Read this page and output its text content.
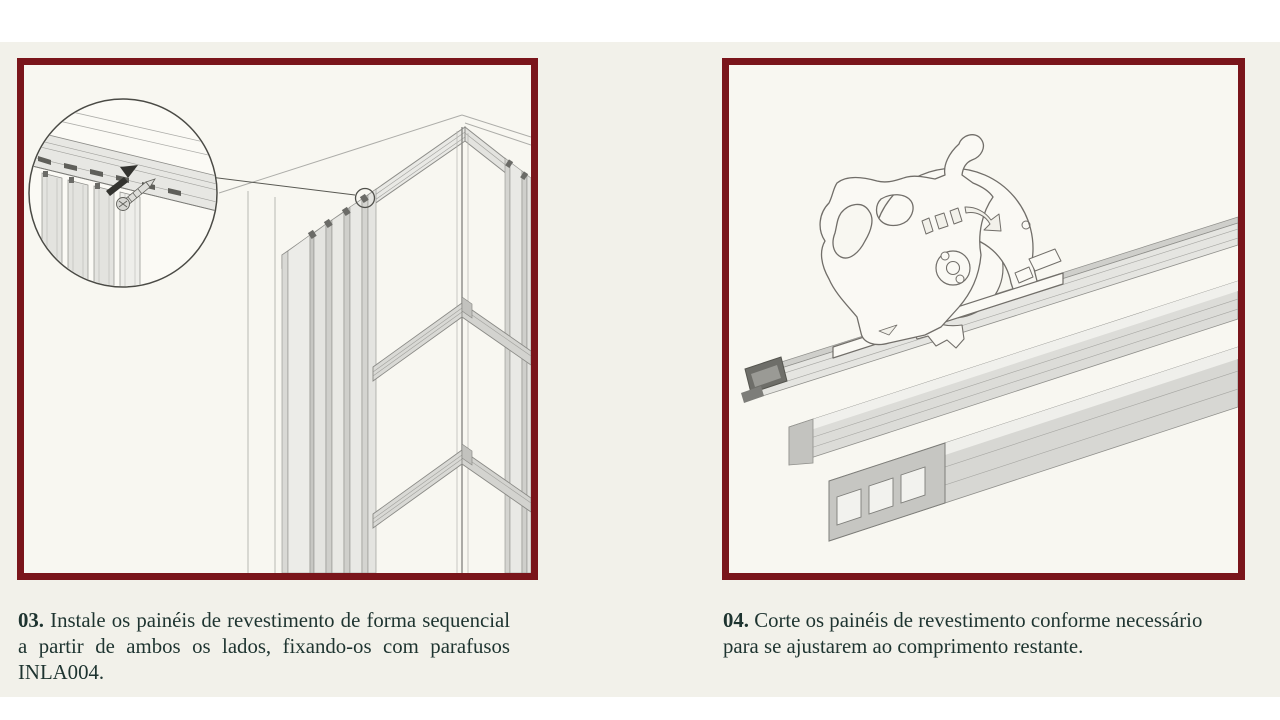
03. Instale os painéis de revestimento de forma sequencial a partir de ambos os lados, fixando-os com parafusos INLA004.

04. Corte os painéis de revestimento conforme necessário para se ajustarem ao comprimento restante.
